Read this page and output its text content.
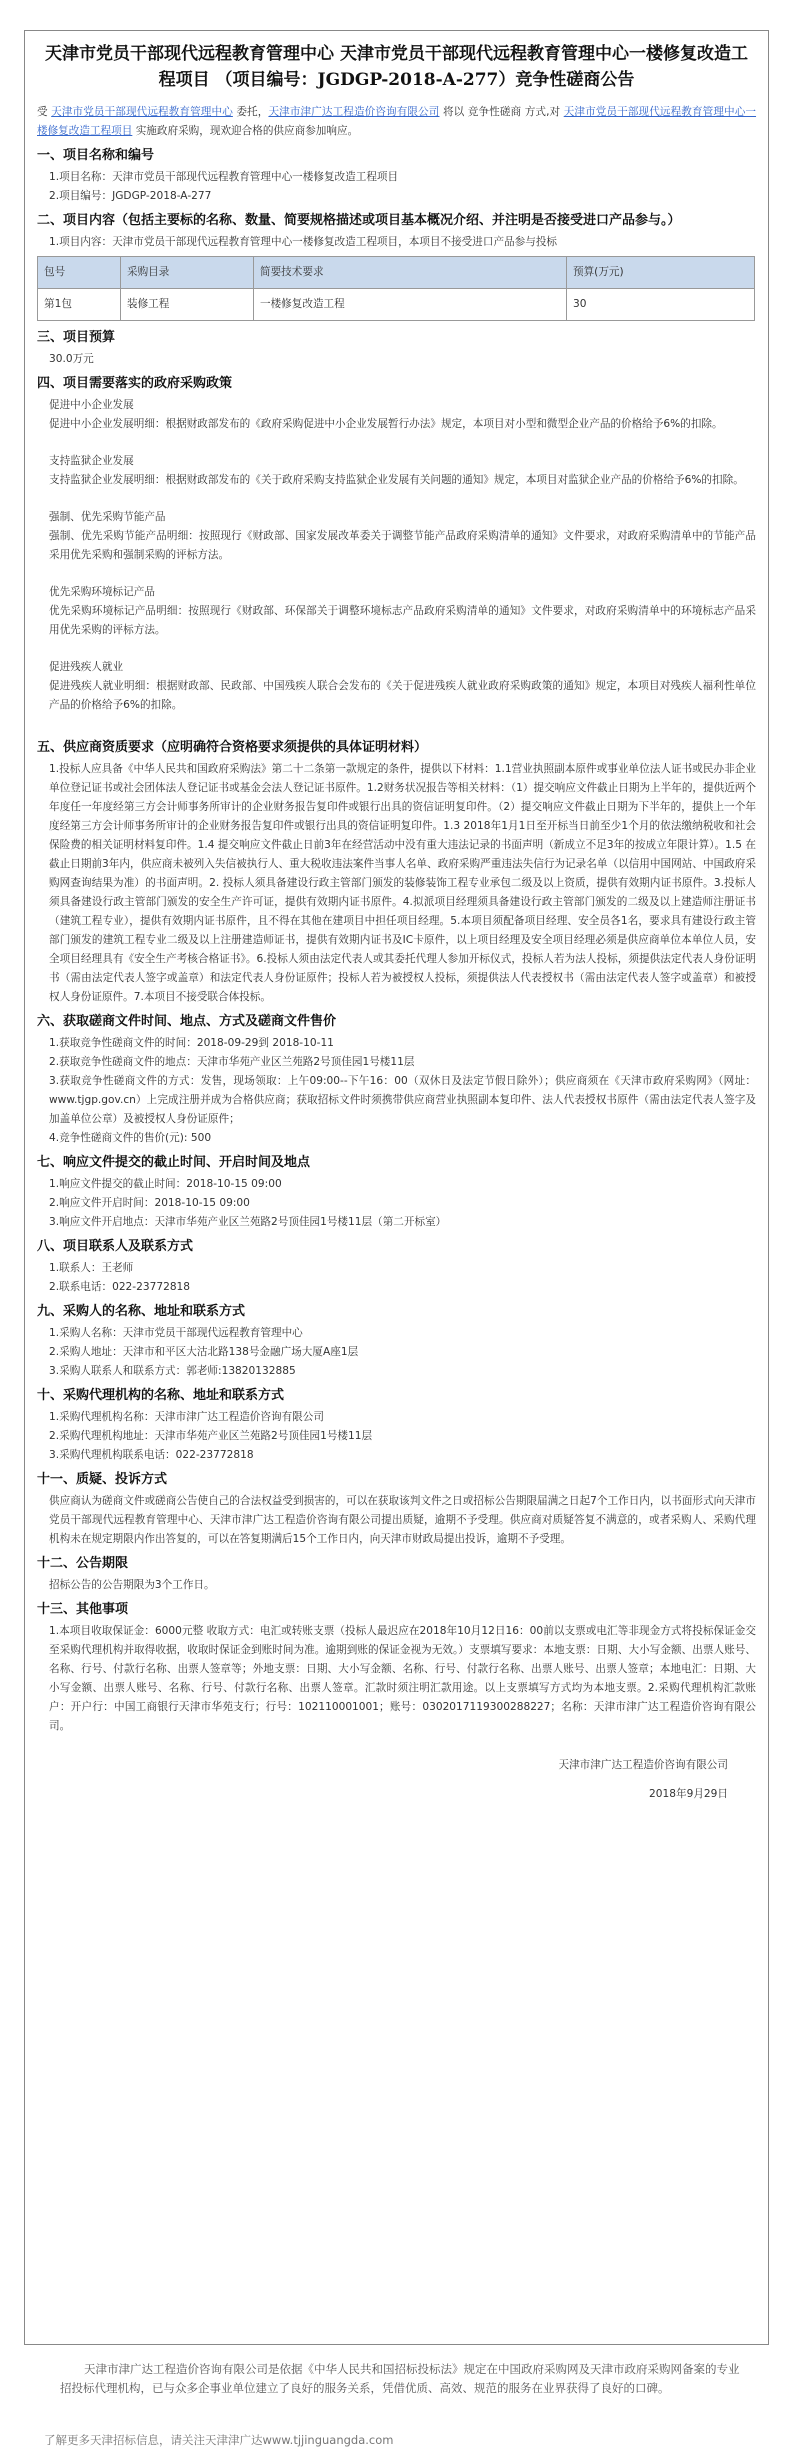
天津市党员干部现代远程教育管理中心 天津市党员干部现代远程教育管理中心一楼修复改造工程项目 （项目编号：JGDGP-2018-A-277）竞争性磋商公告
受 天津市党员干部现代远程教育管理中心 委托，天津市津广达工程造价咨询有限公司 将以 竞争性磋商 方式,对 天津市党员干部现代远程教育管理中心一楼修复改造工程项目 实施政府采购，现欢迎合格的供应商参加响应。
一、项目名称和编号
1.项目名称：天津市党员干部现代远程教育管理中心一楼修复改造工程项目
2.项目编号：JGDGP-2018-A-277
二、项目内容（包括主要标的名称、数量、简要规格描述或项目基本概况介绍、并注明是否接受进口产品参与。）
1.项目内容：天津市党员干部现代远程教育管理中心一楼修复改造工程项目，本项目不接受进口产品参与投标
包号	采购目录	简要技术要求	预算(万元)
第1包	装修工程	一楼修复改造工程	30
三、项目预算
30.0万元
四、项目需要落实的政府采购政策
促进中小企业发展
促进中小企业发展明细：根据财政部发布的《政府采购促进中小企业发展暂行办法》规定，本项目对小型和微型企业产品的价格给予6%的扣除。
支持监狱企业发展
支持监狱企业发展明细：根据财政部发布的《关于政府采购支持监狱企业发展有关问题的通知》规定，本项目对监狱企业产品的价格给予6%的扣除。
强制、优先采购节能产品
强制、优先采购节能产品明细：按照现行《财政部、国家发展改革委关于调整节能产品政府采购清单的通知》文件要求，对政府采购清单中的节能产品采用优先采购和强制采购的评标方法。
优先采购环境标记产品
优先采购环境标记产品明细：按照现行《财政部、环保部关于调整环境标志产品政府采购清单的通知》文件要求，对政府采购清单中的环境标志产品采用优先采购的评标方法。
促进残疾人就业
促进残疾人就业明细：根据财政部、民政部、中国残疾人联合会发布的《关于促进残疾人就业政府采购政策的通知》规定，本项目对残疾人福利性单位产品的价格给予6%的扣除。
五、供应商资质要求（应明确符合资格要求须提供的具体证明材料）
1.投标人应具备《中华人民共和国政府采购法》第二十二条第一款规定的条件，提供以下材料：1.1营业执照副本原件或事业单位法人证书或民办非企业单位登记证书或社会团体法人登记证书或基金会法人登记证书原件。1.2财务状况报告等相关材料：（1）提交响应文件截止日期为上半年的，提供近两个年度任一年度经第三方会计师事务所审计的企业财务报告复印件或银行出具的资信证明复印件。（2）提交响应文件截止日期为下半年的，提供上一个年度经第三方会计师事务所审计的企业财务报告复印件或银行出具的资信证明复印件。1.3 2018年1月1日至开标当日前至少1个月的依法缴纳税收和社会保险费的相关证明材料复印件。1.4 提交响应文件截止日前3年在经营活动中没有重大违法记录的书面声明（新成立不足3年的按成立年限计算）。1.5 在截止日期前3年内，供应商未被列入失信被执行人、重大税收违法案件当事人名单、政府采购严重违法失信行为记录名单（以信用中国网站、中国政府采购网查询结果为准）的书面声明。2. 投标人须具备建设行政主管部门颁发的装修装饰工程专业承包二级及以上资质，提供有效期内证书原件。3.投标人须具备建设行政主管部门颁发的安全生产许可证，提供有效期内证书原件。4.拟派项目经理须具备建设行政主管部门颁发的二级及以上建造师注册证书（建筑工程专业），提供有效期内证书原件，且不得在其他在建项目中担任项目经理。5.本项目须配备项目经理、安全员各1名，要求具有建设行政主管部门颁发的建筑工程专业二级及以上注册建造师证书，提供有效期内证书及IC卡原件，以上项目经理及安全项目经理必须是供应商单位本单位人员，安全项目经理具有《安全生产考核合格证书》。6.投标人须由法定代表人或其委托代理人参加开标仪式，投标人若为法人投标，须提供法定代表人身份证明书（需由法定代表人签字或盖章）和法定代表人身份证原件；投标人若为被授权人投标，须提供法人代表授权书（需由法定代表人签字或盖章）和被授权人身份证原件。7.本项目不接受联合体投标。
六、获取磋商文件时间、地点、方式及磋商文件售价
1.获取竞争性磋商文件的时间：2018-09-29到 2018-10-11
2.获取竞争性磋商文件的地点：天津市华苑产业区兰苑路2号顶佳园1号楼11层
3.获取竞争性磋商文件的方式：发售，现场领取：上午09:00--下午16：00（双休日及法定节假日除外）；供应商须在《天津市政府采购网》（网址：www.tjgp.gov.cn）上完成注册并成为合格供应商；获取招标文件时须携带供应商营业执照副本复印件、法人代表授权书原件（需由法定代表人签字及加盖单位公章）及被授权人身份证原件；
4.竞争性磋商文件的售价(元): 500
七、响应文件提交的截止时间、开启时间及地点
1.响应文件提交的截止时间：2018-10-15 09:00
2.响应文件开启时间：2018-10-15 09:00
3.响应文件开启地点：天津市华苑产业区兰苑路2号顶佳园1号楼11层（第二开标室）
八、项目联系人及联系方式
1.联系人：王老师
2.联系电话：022-23772818
九、采购人的名称、地址和联系方式
1.采购人名称：天津市党员干部现代远程教育管理中心
2.采购人地址：天津市和平区大沽北路138号金融广场大厦A座1层
3.采购人联系人和联系方式：郭老师:13820132885
十、采购代理机构的名称、地址和联系方式
1.采购代理机构名称：天津市津广达工程造价咨询有限公司
2.采购代理机构地址：天津市华苑产业区兰苑路2号顶佳园1号楼11层
3.采购代理机构联系电话：022-23772818
十一、质疑、投诉方式
供应商认为磋商文件或磋商公告使自己的合法权益受到损害的，可以在获取该判文件之日或招标公告期限届满之日起7个工作日内，以书面形式向天津市党员干部现代远程教育管理中心、天津市津广达工程造价咨询有限公司提出质疑，逾期不予受理。供应商对质疑答复不满意的，或者采购人、采购代理机构未在规定期限内作出答复的，可以在答复期满后15个工作日内，向天津市财政局提出投诉，逾期不予受理。
十二、公告期限
招标公告的公告期限为3个工作日。
十三、其他事项
1.本项目收取保证金：6000元整 收取方式：电汇或转账支票（投标人最迟应在2018年10月12日16：00前以支票或电汇等非现金方式将投标保证金交至采购代理机构并取得收据，收取时保证金到账时间为准。逾期到账的保证金视为无效。）支票填写要求：本地支票：日期、大小写金额、出票人账号、名称、行号、付款行名称、出票人签章等；外地支票：日期、大小写金额、名称、行号、付款行名称、出票人账号、出票人签章；本地电汇：日期、大小写金额、出票人账号、名称、行号、付款行名称、出票人签章。汇款时须注明汇款用途。以上支票填写方式均为本地支票。2.采购代理机构汇款账户：开户行：中国工商银行天津市华苑支行；行号：102110001001；账号：0302017119300288227；名称：天津市津广达工程造价咨询有限公司。
天津市津广达工程造价咨询有限公司
2018年9月29日
天津市津广达工程造价咨询有限公司是依据《中华人民共和国招标投标法》规定在中国政府采购网及天津市政府采购网备案的专业招投标代理机构，已与众多企事业单位建立了良好的服务关系，凭借优质、高效、规范的服务在业界获得了良好的口碑。
了解更多天津招标信息，请关注天津津广达www.tjjinguangda.com
